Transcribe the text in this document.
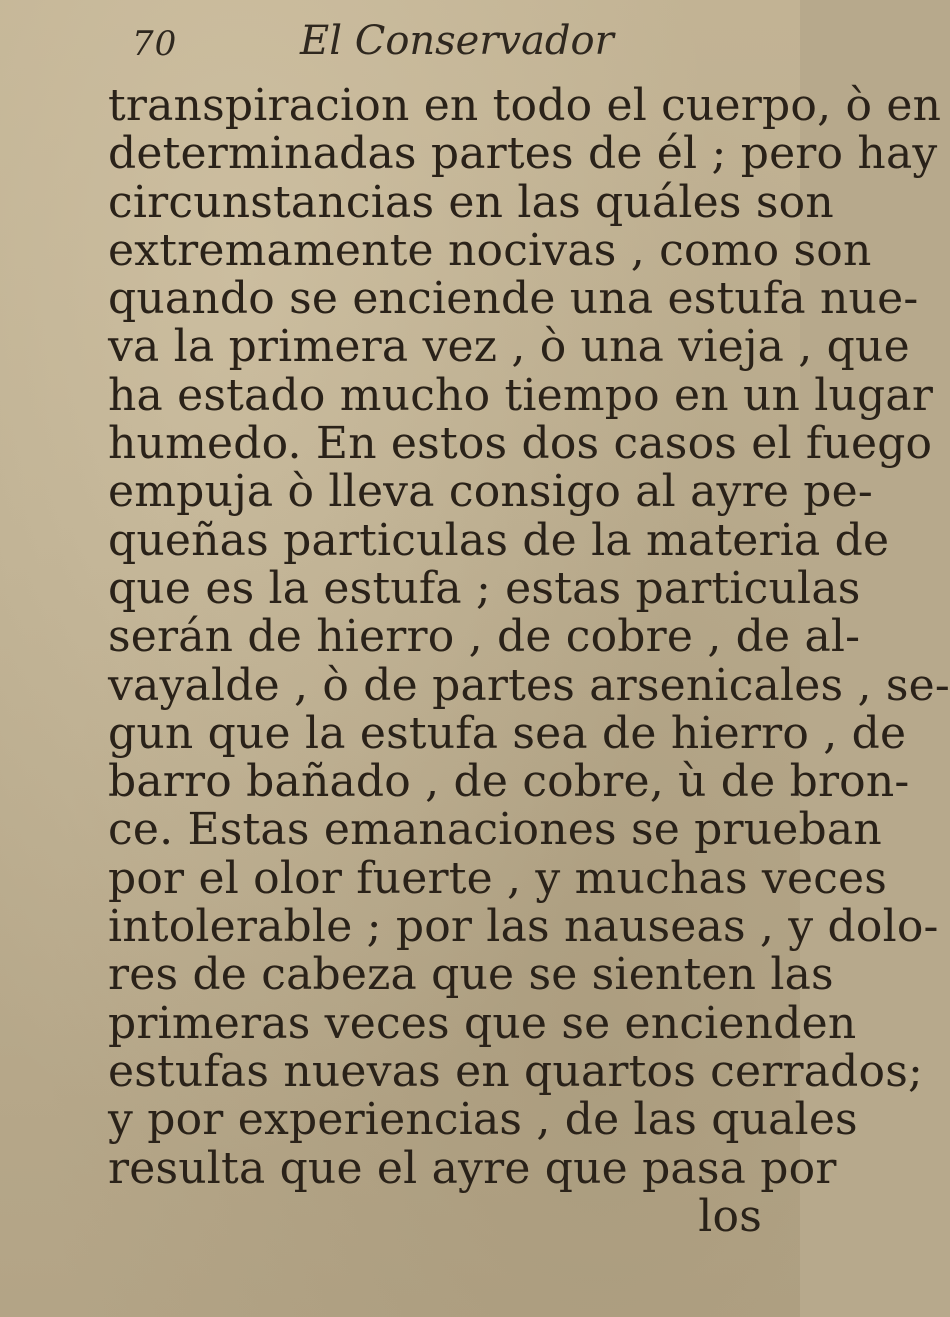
70	El Conservador
transpiracion en todo el cuerpo, ò en
determinadas partes de él ; pero hay
circunstancias en las quáles son
extremamente nocivas , como son
quando se enciende una estufa nue-
va la primera vez , ò una vieja , que
ha estado mucho tiempo en un lugar
humedo. En estos dos casos el fuego
empuja ò lleva consigo al ayre pe-
queñas particulas de la materia de
que es la estufa ; estas particulas
serán de hierro , de cobre , de al-
vayalde , ò de partes arsenicales , se-
gun que la estufa sea de hierro , de
barro bañado , de cobre, ù de bron-
ce. Estas emanaciones se prueban
por el olor fuerte , y muchas veces
intolerable ; por las nauseas , y dolo-
res de cabeza que se sienten las
primeras veces que se encienden
estufas nuevas en quartos cerrados;
y por experiencias , de las quales
resulta que el ayre que pasa por
los
